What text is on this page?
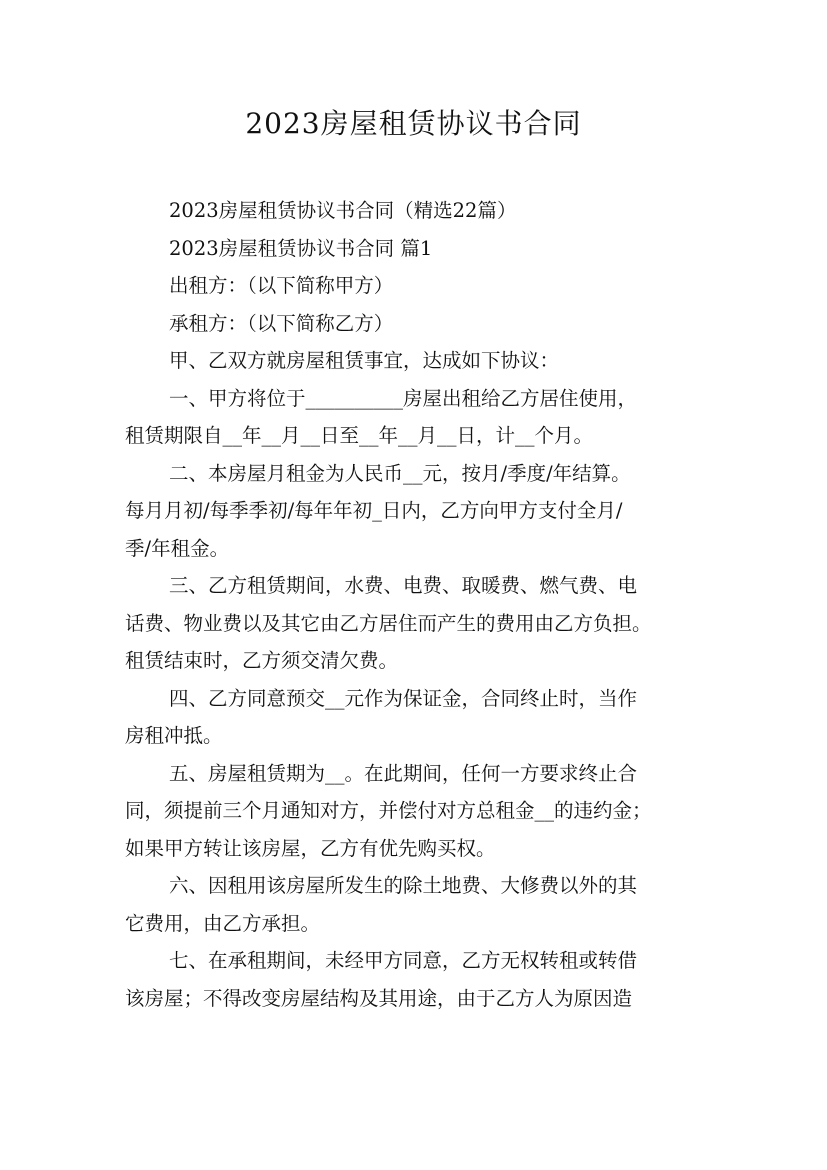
2023房屋租赁协议书合同
2023房屋租赁协议书合同（精选22篇）
2023房屋租赁协议书合同 篇1
出租方：（以下简称甲方）
承租方：（以下简称乙方）
甲、乙双方就房屋租赁事宜，达成如下协议：
一、甲方将位于__________房屋出租给乙方居住使用，
租赁期限自__年__月__日至__年__月__日，计__个月。
二、本房屋月租金为人民币__元，按月/季度/年结算。
每月月初/每季季初/每年年初_日内，乙方向甲方支付全月/
季/年租金。
三、乙方租赁期间，水费、电费、取暖费、燃气费、电
话费、物业费以及其它由乙方居住而产生的费用由乙方负担。
租赁结束时，乙方须交清欠费。
四、乙方同意预交__元作为保证金，合同终止时，当作
房租冲抵。
五、房屋租赁期为__。在此期间，任何一方要求终止合
同，须提前三个月通知对方，并偿付对方总租金__的违约金；
如果甲方转让该房屋，乙方有优先购买权。
六、因租用该房屋所发生的除土地费、大修费以外的其
它费用，由乙方承担。
七、在承租期间，未经甲方同意，乙方无权转租或转借
该房屋；不得改变房屋结构及其用途，由于乙方人为原因造
